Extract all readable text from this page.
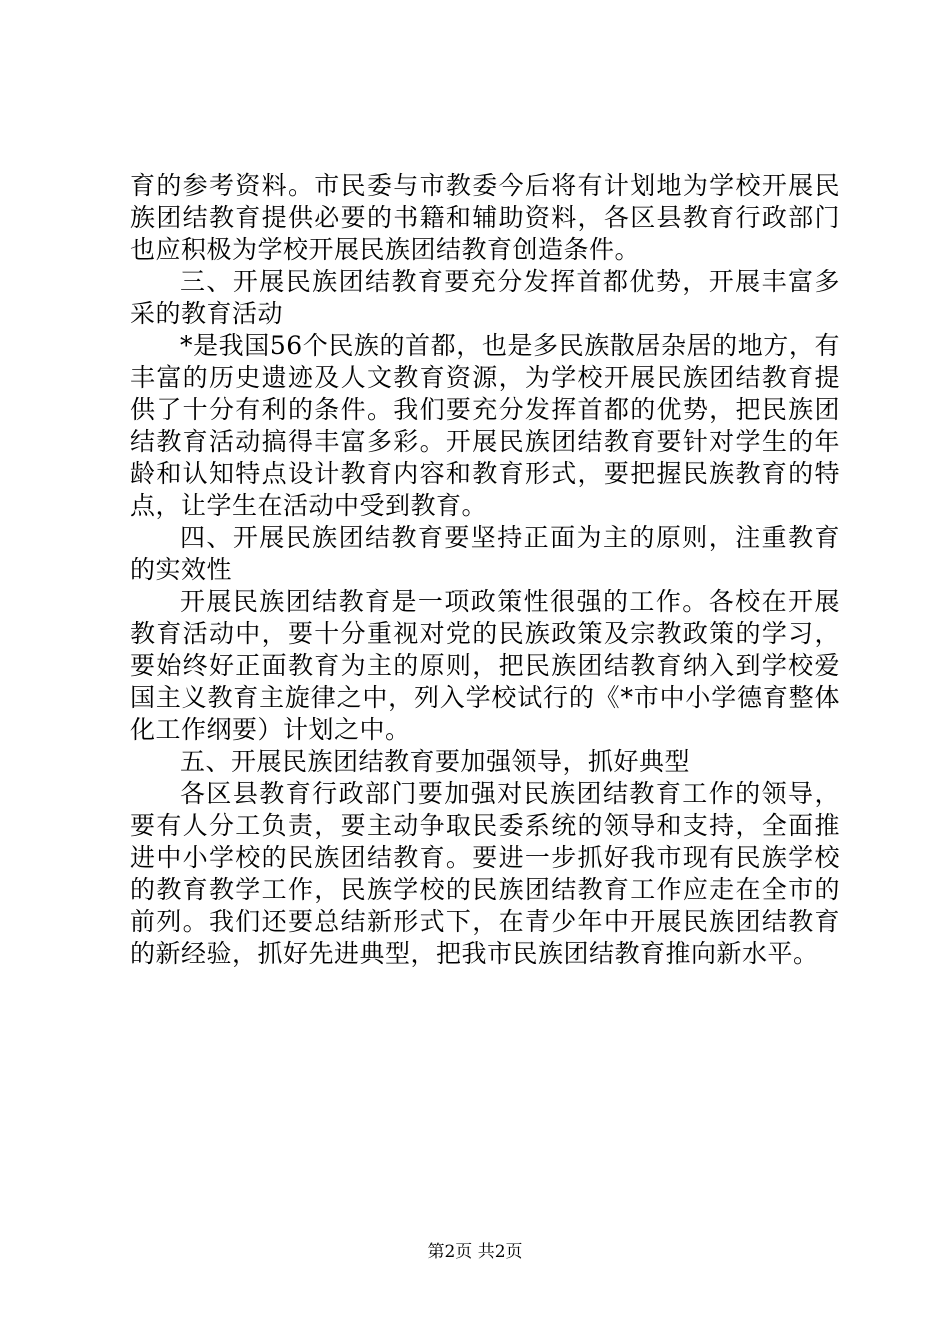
育的参考资料。市民委与市教委今后将有计划地为学校开展民族团结教育提供必要的书籍和辅助资料，各区县教育行政部门也应积极为学校开展民族团结教育创造条件。

三、开展民族团结教育要充分发挥首都优势，开展丰富多采的教育活动

*是我国56个民族的首都，也是多民族散居杂居的地方，有丰富的历史遗迹及人文教育资源，为学校开展民族团结教育提供了十分有利的条件。我们要充分发挥首都的优势，把民族团结教育活动搞得丰富多彩。开展民族团结教育要针对学生的年龄和认知特点设计教育内容和教育形式，要把握民族教育的特点，让学生在活动中受到教育。

四、开展民族团结教育要坚持正面为主的原则，注重教育的实效性

开展民族团结教育是一项政策性很强的工作。各校在开展教育活动中，要十分重视对党的民族政策及宗教政策的学习，要始终好正面教育为主的原则，把民族团结教育纳入到学校爱国主义教育主旋律之中，列入学校试行的《*市中小学德育整体化工作纲要）计划之中。

五、开展民族团结教育要加强领导，抓好典型

各区县教育行政部门要加强对民族团结教育工作的领导，要有人分工负责，要主动争取民委系统的领导和支持，全面推进中小学校的民族团结教育。要进一步抓好我市现有民族学校的教育教学工作，民族学校的民族团结教育工作应走在全市的前列。我们还要总结新形式下，在青少年中开展民族团结教育的新经验，抓好先进典型，把我市民族团结教育推向新水平。

第2页 共2页
